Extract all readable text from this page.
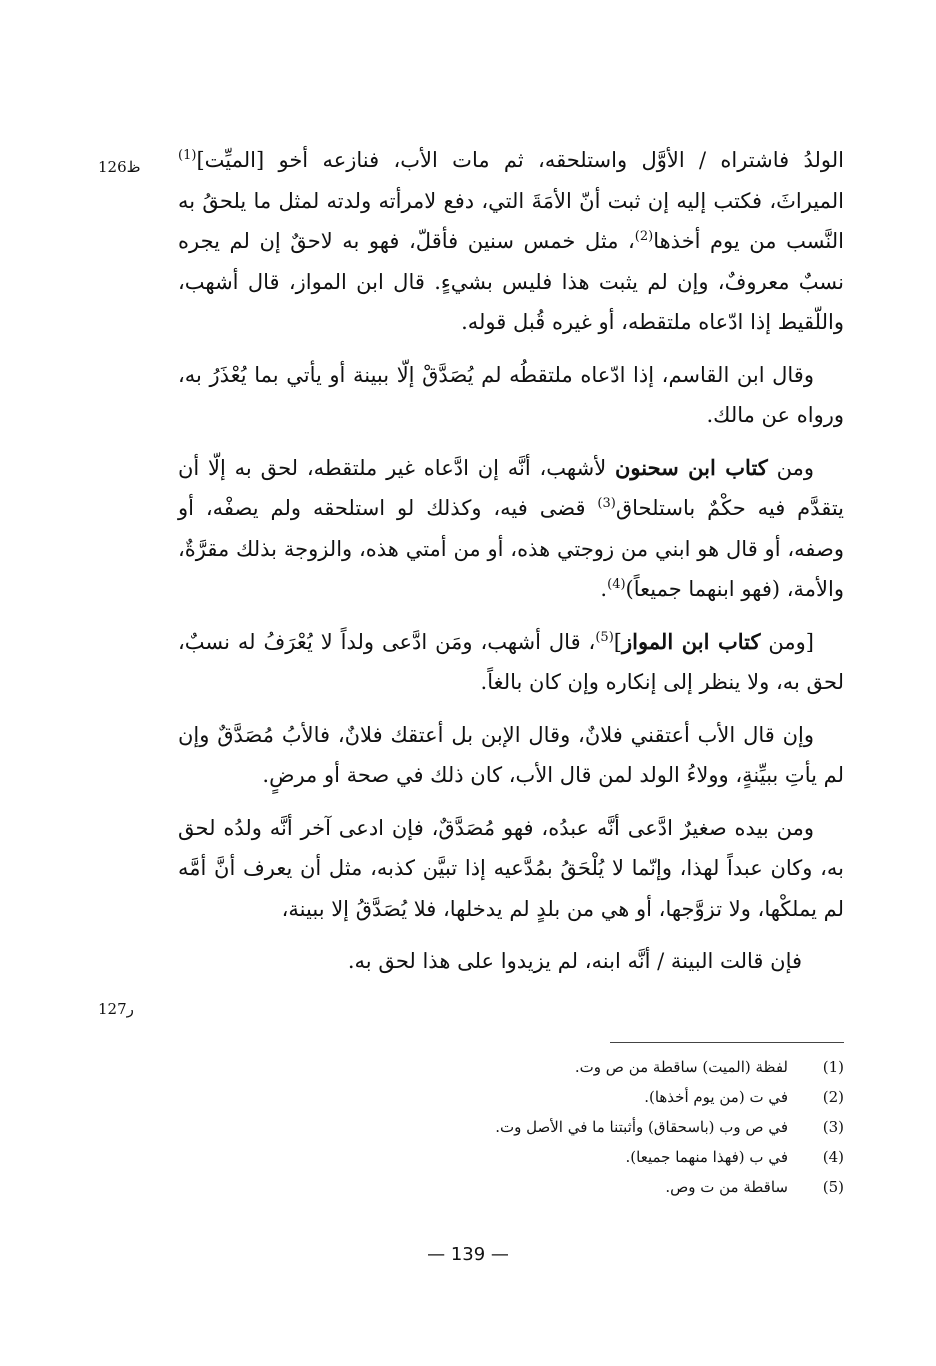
126ظ
127ر

الولدُ فاشتراه / الأوَّل واستلحقه، ثم مات الأب، فنازعه أخو [الميِّت]$^{(1)}$ الميراثَ، فكتب إليه إن ثبت أنّ الأمَةَ التي، دفع لامرأته ولدته لمثل ما يلحقُ به النَّسب من يوم أخذها$^{(2)}$، مثل خمس سنين فأقلّ، فهو به لاحقٌ إن لم يجره نسبٌ معروفٌ، وإن لم يثبت هذا فليس بشيءٍ. قال ابن المواز، قال أشهب، واللّقيط إذا ادّعاه ملتقطه، أو غيره قُبل قوله.

وقال ابن القاسم، إذا ادّعاه ملتقطُه لم يُصَدَّقْ إلّا ببينة أو يأتي بما يُعْذَرُ به، ورواه عن مالك.

ومن كتاب ابن سحنون لأشهب، أنَّه إن ادَّعاه غير ملتقطه، لحق به إلّا أن يتقدَّم فيه حكْمٌ باستلحاق$^{(3)}$ قضى فيه، وكذلك لو استلحقه ولم يصفْه، أو وصفه، أو قال هو ابني من زوجتي هذه، أو من أمتي هذه، والزوجة بذلك مقرَّةٌ، والأمة، (فهو ابنهما جميعاً)$^{(4)}$.

[ومن كتاب ابن المواز]$^{(5)}$، قال أشهب، ومَن ادَّعى ولداً لا يُعْرَفُ له نسبٌ، لحق به، ولا ينظر إلى إنكاره وإن كان بالغاً.

وإن قال الأب أعتقني فلانٌ، وقال الإبن بل أعتقك فلانٌ، فالأبُ مُصَدَّقٌ وإن لم يأتِ ببيِّنةٍ، وولاءُ الولد لمن قال الأب، كان ذلك في صحة أو مرضٍ.

ومن بيده صغيرٌ ادَّعى أنَّه عبدُه، فهو مُصَدَّقٌ، فإن ادعى آخر أنَّه ولدُه لحق به، وكان عبداً لهذا، وإنّما لا يُلْحَقُ بمُدَّعيه إذا تبيَّن كذبه، مثل أن يعرف أنَّ أمَّه لم يملكْها، ولا تزوَّجها، أو هي من بلدٍ لم يدخلها، فلا يُصَدَّقُ إلا ببينة،

فإن قالت البينة / أنَّه ابنه، لم يزيدوا على هذا لحق به.

(1)
لفظة (الميت) ساقطة من ص وت.
(2)
في ت (من يوم أخذها).
(3)
في ص وب (باسحقاق) وأثبتنا ما في الأصل وت.
(4)
في ب (فهذا منهما جميعا).
(5)
ساقطة من ت وص.
— 139 —
